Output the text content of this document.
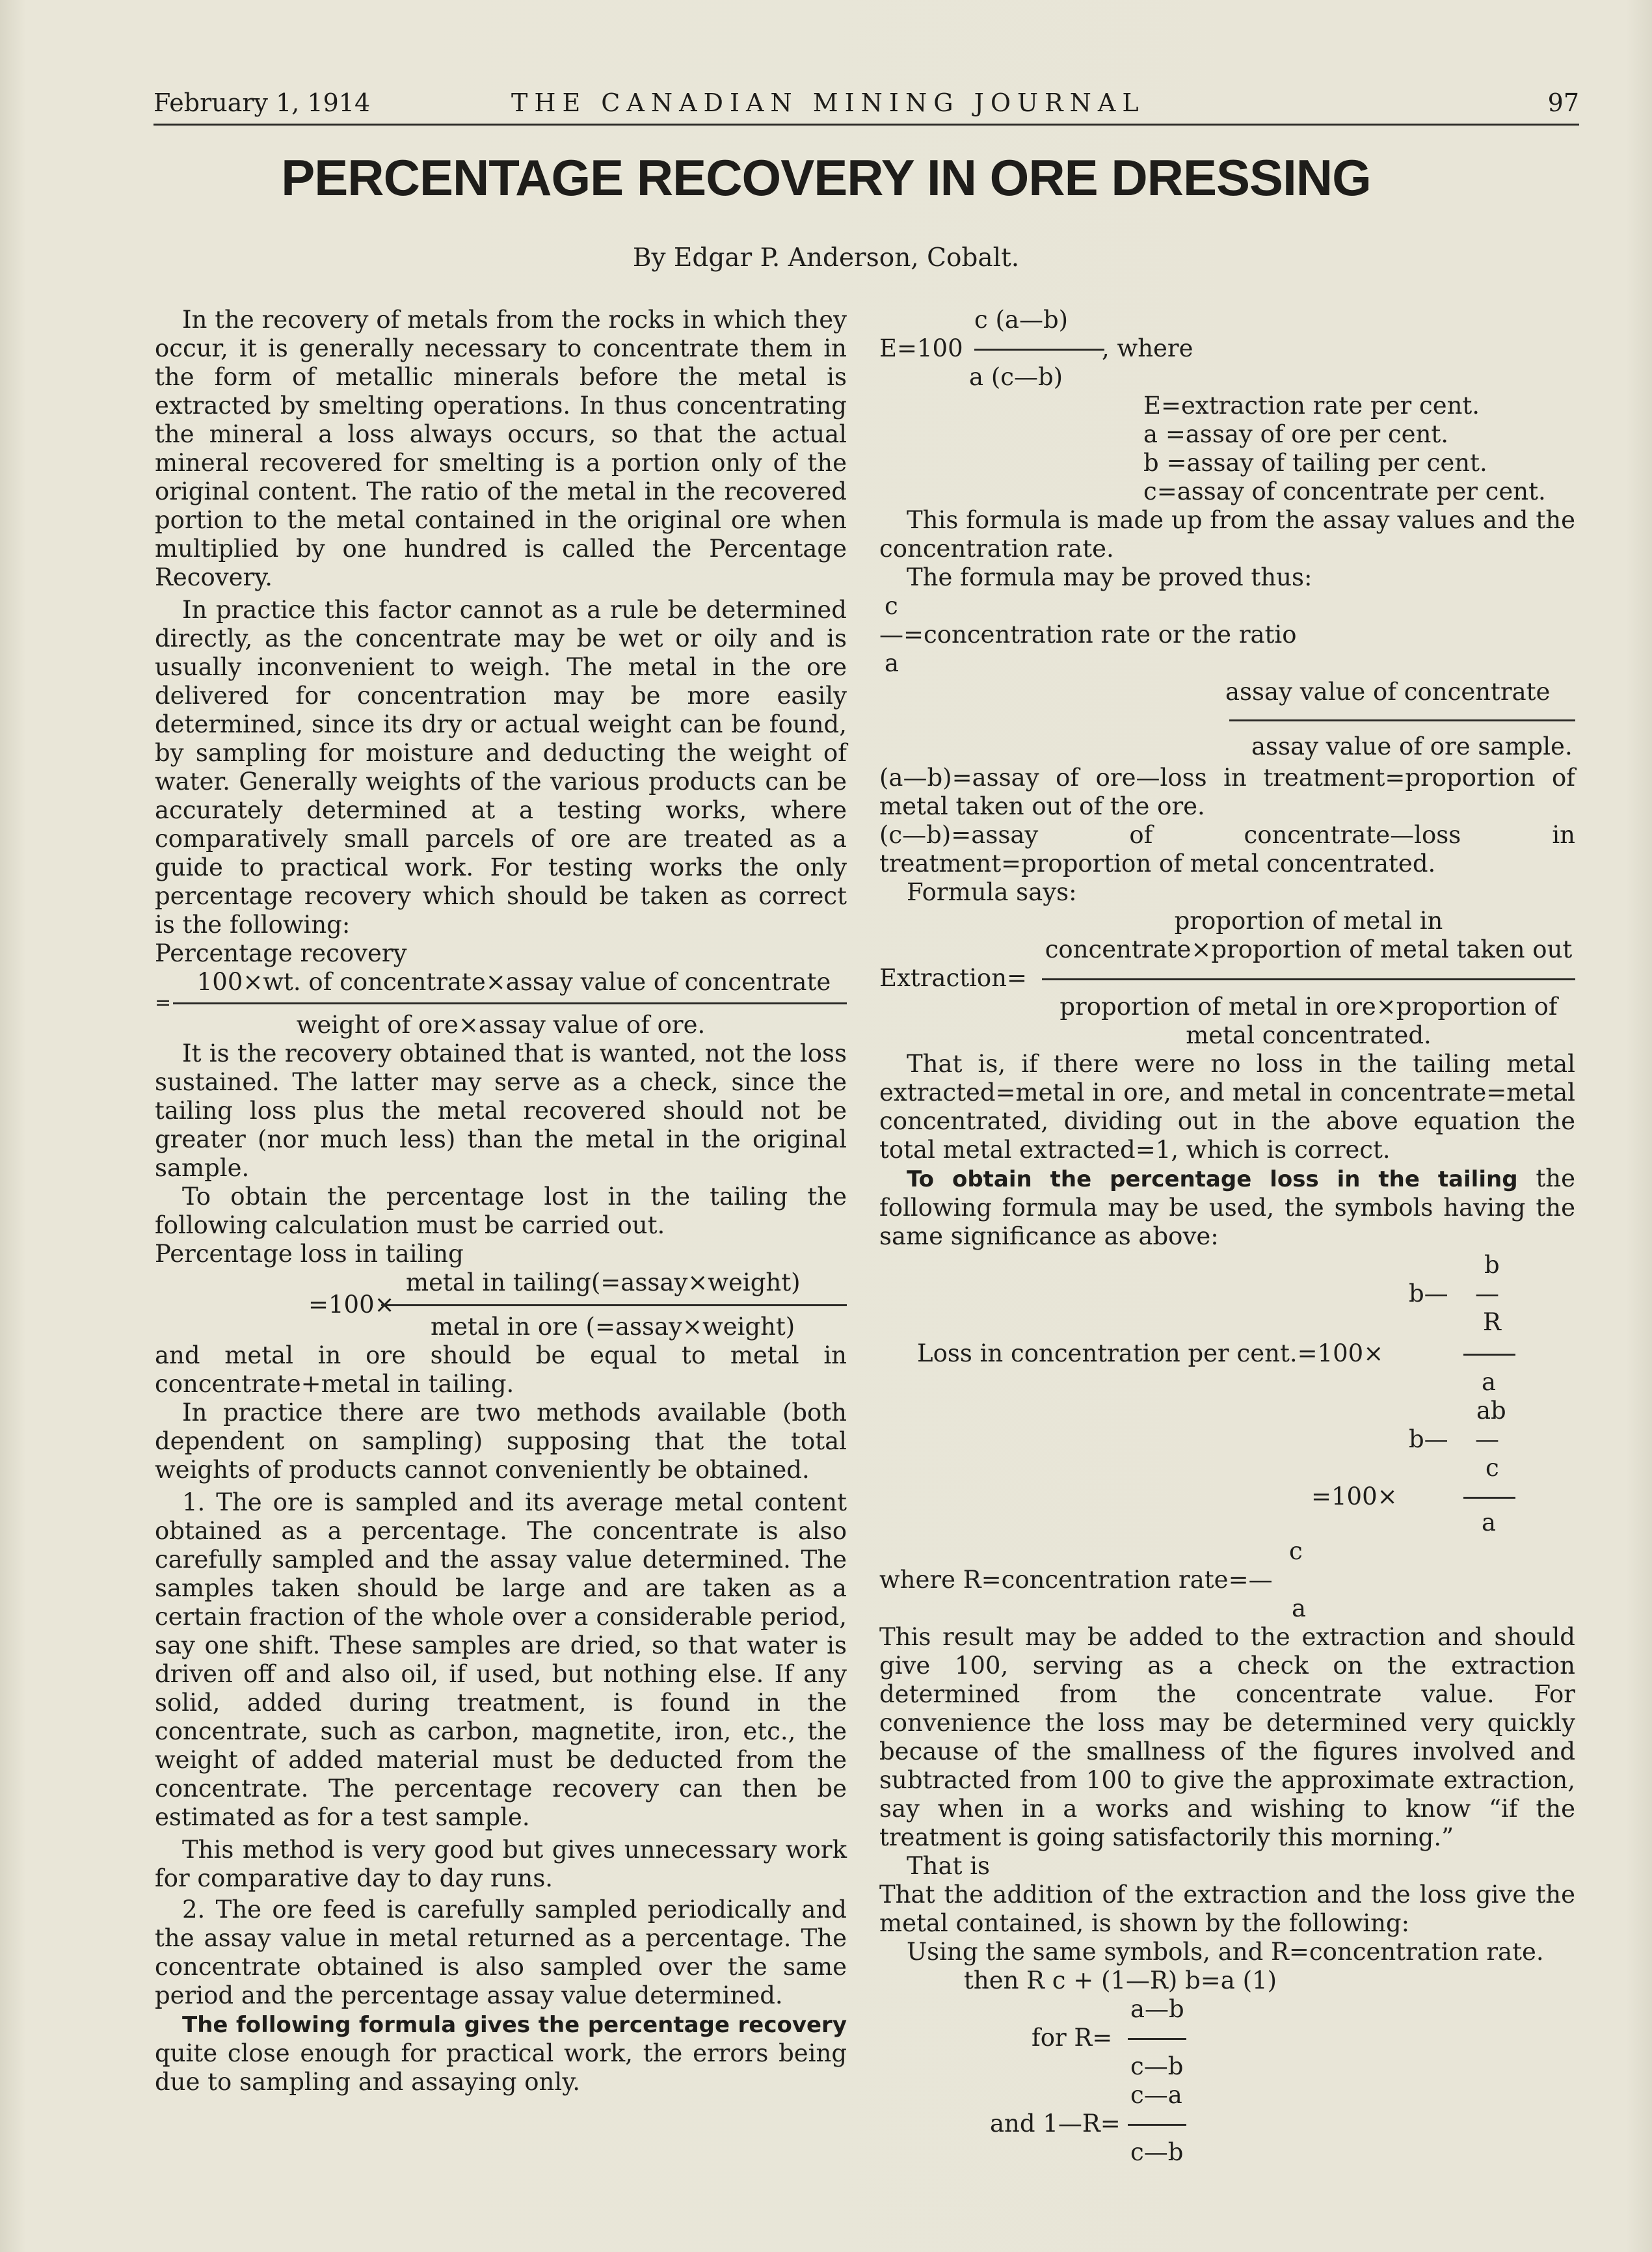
February 1, 1914	THE CANADIAN MINING JOURNAL	97
PERCENTAGE RECOVERY IN ORE DRESSING
By Edgar P. Anderson, Cobalt.

In the recovery of metals from the rocks in which they occur, it is generally necessary to concentrate them in the form of metallic minerals before the metal is extracted by smelting operations. In thus concentrating the mineral a loss always occurs, so that the actual mineral recovered for smelting is a portion only of the original content. The ratio of the metal in the recovered portion to the metal contained in the original ore when multiplied by one hundred is called the Percentage Recovery.

In practice this factor cannot as a rule be determined directly, as the concentrate may be wet or oily and is usually inconvenient to weigh. The metal in the ore delivered for concentration may be more easily determined, since its dry or actual weight can be found, by sampling for moisture and deducting the weight of water. Generally weights of the various products can be accurately determined at a testing works, where comparatively small parcels of ore are treated as a guide to practical work. For testing works the only percentage recovery which should be taken as correct is the following:

Percentage recovery
100×wt. of concentrate×assay value of concentrate
=
weight of ore×assay value of ore.

It is the recovery obtained that is wanted, not the loss sustained. The latter may serve as a check, since the tailing loss plus the metal recovered should not be greater (nor much less) than the metal in the original sample.

To obtain the percentage lost in the tailing the following calculation must be carried out.

Percentage loss in tailing
metal in tailing(=assay×weight)
=100×
metal in ore (=assay×weight)

and metal in ore should be equal to metal in concentrate+metal in tailing.

In practice there are two methods available (both dependent on sampling) supposing that the total weights of products cannot conveniently be obtained.

1. The ore is sampled and its average metal content obtained as a percentage. The concentrate is also carefully sampled and the assay value determined. The samples taken should be large and are taken as a certain fraction of the whole over a considerable period, say one shift. These samples are dried, so that water is driven off and also oil, if used, but nothing else. If any solid, added during treatment, is found in the concentrate, such as carbon, magnetite, iron, etc., the weight of added material must be deducted from the concentrate. The percentage recovery can then be estimated as for a test sample.

This method is very good but gives unnecessary work for comparative day to day runs.

2. The ore feed is carefully sampled periodically and the assay value in metal returned as a percentage. The concentrate obtained is also sampled over the same period and the percentage assay value determined.

The following formula gives the percentage recovery quite close enough for practical work, the errors being due to sampling and assaying only.

c (a—b)
E=100	, where
a (c—b)
E=extraction rate per cent.
a =assay of ore per cent.
b =assay of tailing per cent.
c=assay of concentrate per cent.

This formula is made up from the assay values and the concentration rate.

The formula may be proved thus:

c
—=concentration rate or the ratio
a
assay value of concentrate
assay value of ore sample.

(a—b)=assay of ore—loss in treatment=proportion of metal taken out of the ore.

(c—b)=assay of concentrate—loss in treatment=proportion of metal concentrated.

Formula says:

proportion of metal in concentrate×proportion of metal taken out
Extraction=
proportion of metal in ore×proportion of metal concentrated.

That is, if there were no loss in the tailing metal extracted=metal in ore, and metal in concentrate=metal concentrated, dividing out in the above equation the total metal extracted=1, which is correct.

To obtain the percentage loss in the tailing the following formula may be used, the symbols having the same significance as above:

b
b— —
R
Loss in concentration per cent.=100×
a
ab
b— —
c
=100×
a
c
where R=concentration rate=—
a

This result may be added to the extraction and should give 100, serving as a check on the extraction determined from the concentrate value. For convenience the loss may be determined very quickly because of the smallness of the figures involved and subtracted from 100 to give the approximate extraction, say when in a works and wishing to know “if the treatment is going satisfactorily this morning.”

That is

That the addition of the extraction and the loss give the metal contained, is shown by the following:

Using the same symbols, and R=concentration rate.

then R c + (1—R) b=a (1)
a—b
for R=
c—b
c—a
and 1—R=
c—b
